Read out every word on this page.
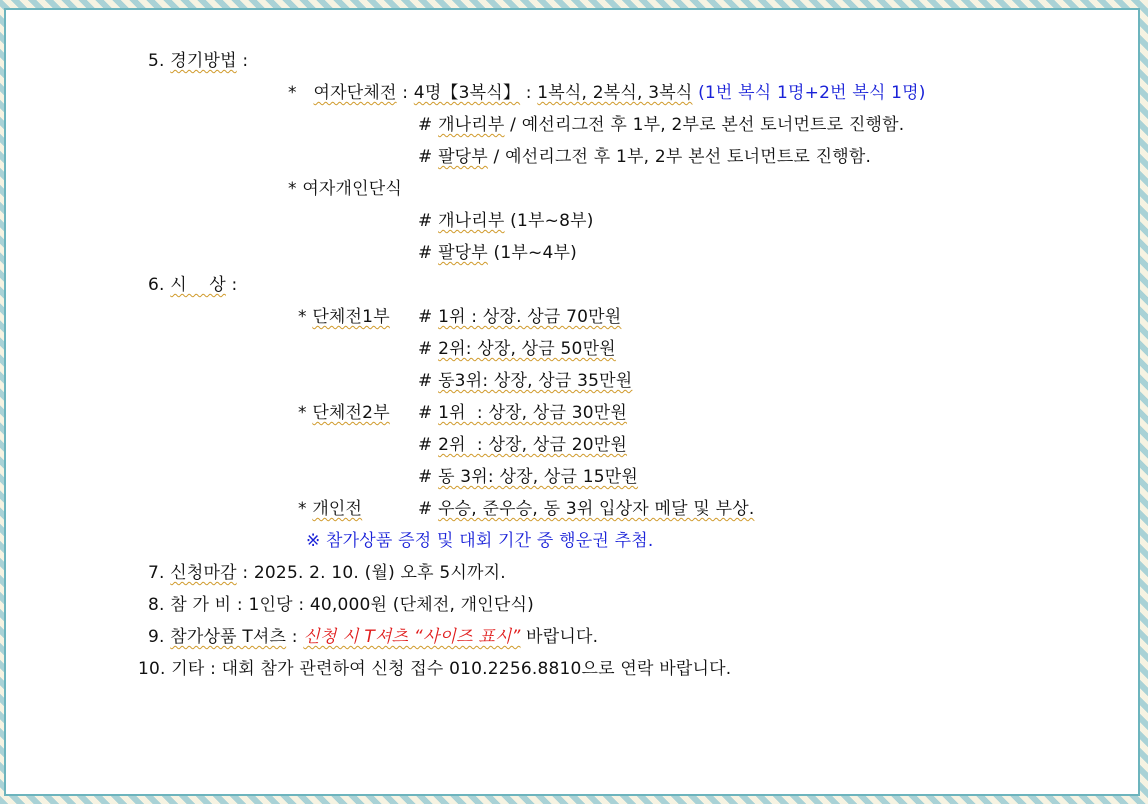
5. 경기방법 :
* 여자단체전 : 4명【3복식】 : 1복식, 2복식, 3복식 (1번 복식 1명+2번 복식 1명)
# 개나리부 / 예선리그전 후 1부, 2부로 본선 토너먼트로 진행함.
# 팔당부 / 예선리그전 후 1부, 2부 본선 토너먼트로 진행함.
* 여자개인단식
# 개나리부 (1부~8부)
# 팔당부 (1부~4부)
6. 시    상 :
* 단체전1부 # 1위 : 상장. 상금 70만원
# 2위: 상장, 상금 50만원
# 동3위: 상장, 상금 35만원
* 단체전2부 # 1위  : 상장, 상금 30만원
# 2위  : 상장, 상금 20만원
# 동 3위: 상장, 상금 15만원
* 개인전	# 우승, 준우승, 동 3위 입상자 메달 및 부상.
※ 참가상품 증정 및 대회 기간 중 행운권 추첨.
7. 신청마감 : 2025. 2. 10. (월) 오후 5시까지.
8. 참 가 비 : 1인당 : 40,000원 (단체전, 개인단식)
9. 참가상품 T셔츠 : 신청 시 T셔츠 “사이즈 표시” 바랍니다.
10. 기타 : 대회 참가 관련하여 신청 접수 010.2256.8810으로 연락 바랍니다.
